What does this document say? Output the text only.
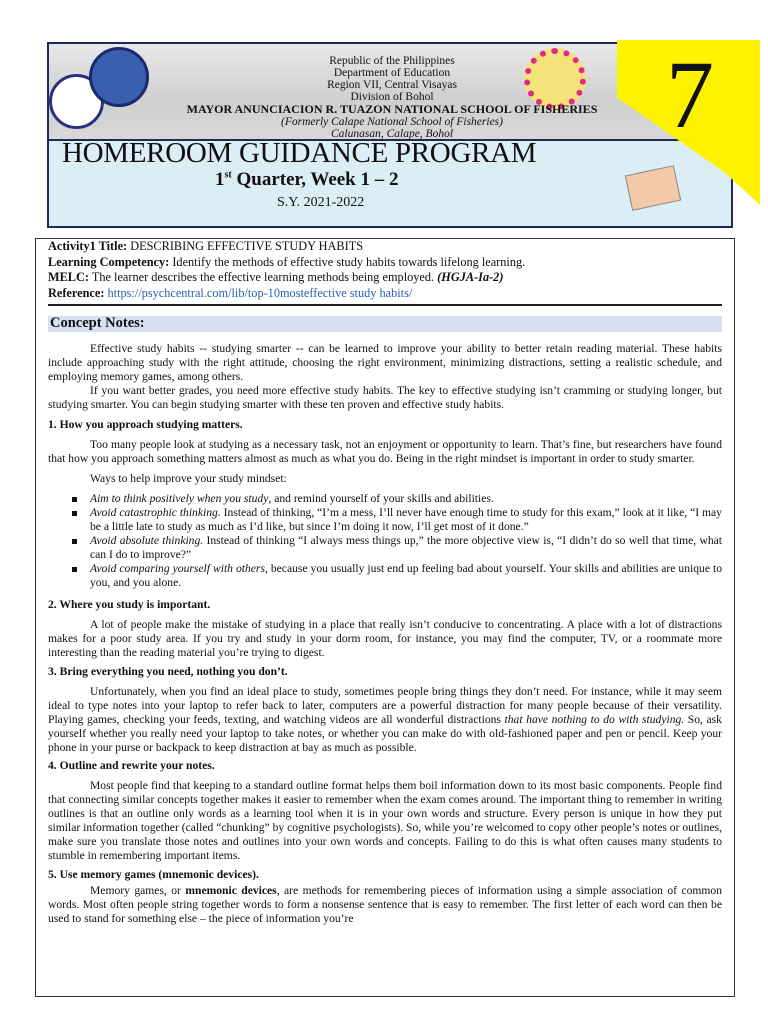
Republic of the Philippines
Department of Education
Region VII, Central Visayas
Division of Bohol
MAYOR ANUNCIACION R. TUAZON NATIONAL SCHOOL OF FISHERIES
(Formerly Calape National School of Fisheries)
Calunasan, Calape, Bohol	7
HOMEROOM GUIDANCE PROGRAM
1st Quarter, Week 1 – 2
S.Y. 2021-2022
Activity1 Title: DESCRIBING EFFECTIVE STUDY HABITS
Learning Competency: Identify the methods of effective study habits towards lifelong learning.
MELC: The learner describes the effective learning methods being employed. (HGJA-Ia-2)
Reference: https://psychcentral.com/lib/top-10mosteffective study habits/
Concept Notes:

Effective study habits -- studying smarter -- can be learned to improve your ability to better retain reading material. These habits include approaching study with the right attitude, choosing the right environment, minimizing distractions, setting a realistic schedule, and employing memory games, among others.

If you want better grades, you need more effective study habits. The key to effective studying isn’t cramming or studying longer, but studying smarter. You can begin studying smarter with these ten proven and effective study habits.

1. How you approach studying matters.

Too many people look at studying as a necessary task, not an enjoyment or opportunity to learn. That’s fine, but researchers have found that how you approach something matters almost as much as what you do. Being in the right mindset is important in order to study smarter.

Ways to help improve your study mindset:

Aim to think positively when you study, and remind yourself of your skills and abilities.
Avoid catastrophic thinking. Instead of thinking, “I’m a mess, I’ll never have enough time to study for this exam,” look at it like, “I may be a little late to study as much as I’d like, but since I’m doing it now, I’ll get most of it done.”
Avoid absolute thinking. Instead of thinking “I always mess things up,” the more objective view is, “I didn’t do so well that time, what can I do to improve?”
Avoid comparing yourself with others, because you usually just end up feeling bad about yourself. Your skills and abilities are unique to you, and you alone.
2. Where you study is important.

A lot of people make the mistake of studying in a place that really isn’t conducive to concentrating. A place with a lot of distractions makes for a poor study area. If you try and study in your dorm room, for instance, you may find the computer, TV, or a roommate more interesting than the reading material you’re trying to digest.

3. Bring everything you need, nothing you don’t.

Unfortunately, when you find an ideal place to study, sometimes people bring things they don’t need. For instance, while it may seem ideal to type notes into your laptop to refer back to later, computers are a powerful distraction for many people because of their versatility. Playing games, checking your feeds, texting, and watching videos are all wonderful distractions that have nothing to do with studying. So, ask yourself whether you really need your laptop to take notes, or whether you can make do with old-fashioned paper and pen or pencil. Keep your phone in your purse or backpack to keep distraction at bay as much as possible.

4. Outline and rewrite your notes.

Most people find that keeping to a standard outline format helps them boil information down to its most basic components. People find that connecting similar concepts together makes it easier to remember when the exam comes around. The important thing to remember in writing outlines is that an outline only words as a learning tool when it is in your own words and structure. Every person is unique in how they put similar information together (called “chunking” by cognitive psychologists). So, while you’re welcomed to copy other people’s notes or outlines, make sure you translate those notes and outlines into your own words and concepts. Failing to do this is what often causes many students to stumble in remembering important items.

5. Use memory games (mnemonic devices).

Memory games, or mnemonic devices, are methods for remembering pieces of information using a simple association of common words. Most often people string together words to form a nonsense sentence that is easy to remember. The first letter of each word can then be used to stand for something else – the piece of information you’re
